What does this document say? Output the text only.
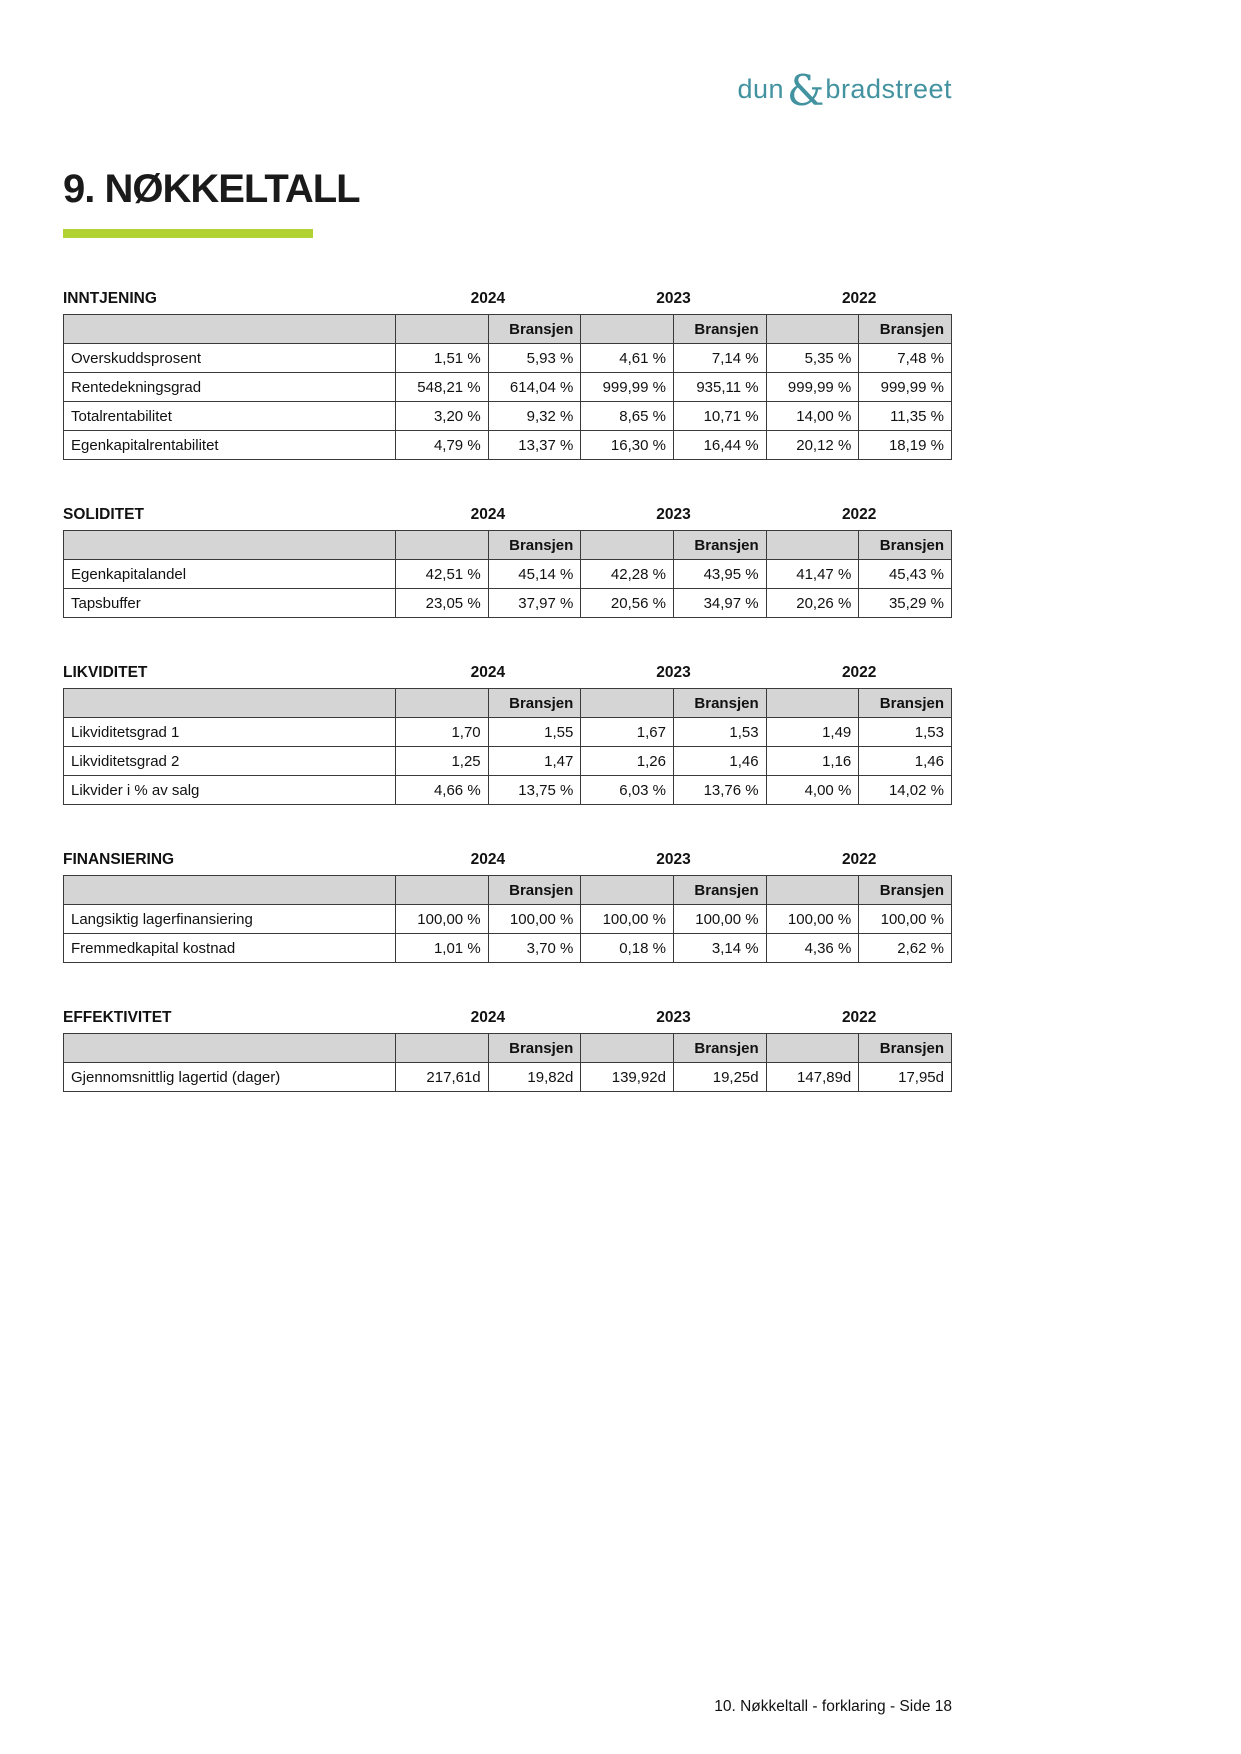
dun&bradstreet
9. NØKKELTALL
INNTJENING	2024	2023	2022
		Bransjen		Bransjen		Bransjen
Overskuddsprosent	1,51 %	5,93 %	4,61 %	7,14 %	5,35 %	7,48 %
Rentedekningsgrad	548,21 %	614,04 %	999,99 %	935,11 %	999,99 %	999,99 %
Totalrentabilitet	3,20 %	9,32 %	8,65 %	10,71 %	14,00 %	11,35 %
Egenkapitalrentabilitet	4,79 %	13,37 %	16,30 %	16,44 %	20,12 %	18,19 %
SOLIDITET	2024	2023	2022
		Bransjen		Bransjen		Bransjen
Egenkapitalandel	42,51 %	45,14 %	42,28 %	43,95 %	41,47 %	45,43 %
Tapsbuffer	23,05 %	37,97 %	20,56 %	34,97 %	20,26 %	35,29 %
LIKVIDITET	2024	2023	2022
		Bransjen		Bransjen		Bransjen
Likviditetsgrad 1	1,70	1,55	1,67	1,53	1,49	1,53
Likviditetsgrad 2	1,25	1,47	1,26	1,46	1,16	1,46
Likvider i % av salg	4,66 %	13,75 %	6,03 %	13,76 %	4,00 %	14,02 %
FINANSIERING	2024	2023	2022
		Bransjen		Bransjen		Bransjen
Langsiktig lagerfinansiering	100,00 %	100,00 %	100,00 %	100,00 %	100,00 %	100,00 %
Fremmedkapital kostnad	1,01 %	3,70 %	0,18 %	3,14 %	4,36 %	2,62 %
EFFEKTIVITET	2024	2023	2022
		Bransjen		Bransjen		Bransjen
Gjennomsnittlig lagertid (dager)	217,61d	19,82d	139,92d	19,25d	147,89d	17,95d
10. Nøkkeltall - forklaring - Side 18
